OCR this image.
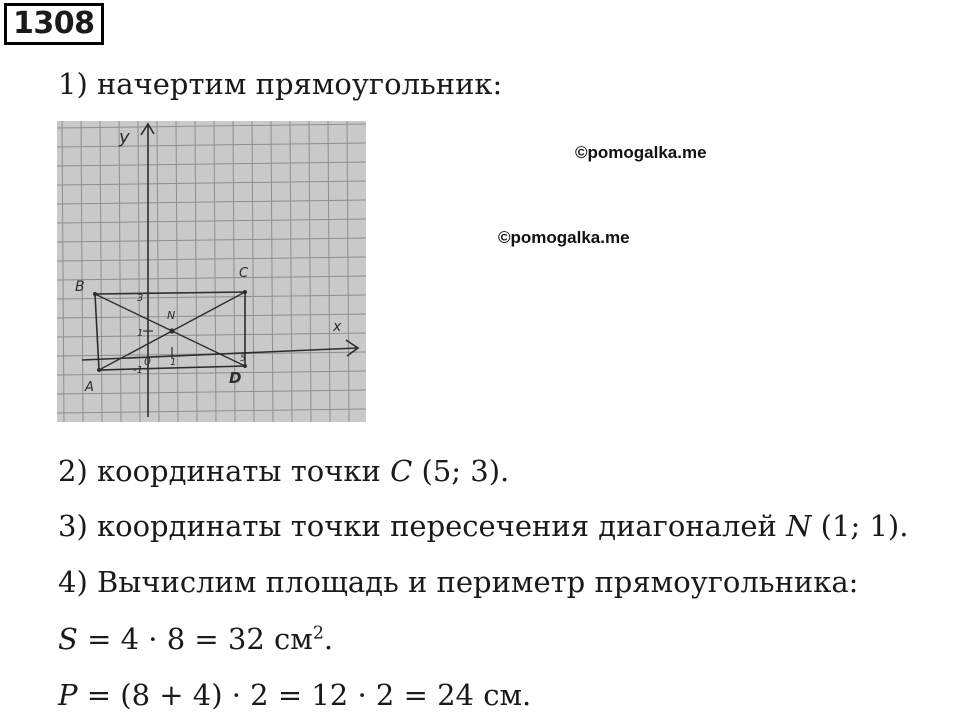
1308
1) начертим прямоугольник:
y
x
B
C
A
D
N
3
1
0 1
-1
5
©pomogalka.me
©pomogalka.me
2) координаты точки C (5; 3).
3) координаты точки пересечения диагоналей N (1; 1).
4) Вычислим площадь и периметр прямоугольника:
S = 4 · 8 = 32 $см^2$.
P = (8 + 4) · 2 = 12 · 2 = 24 см.
